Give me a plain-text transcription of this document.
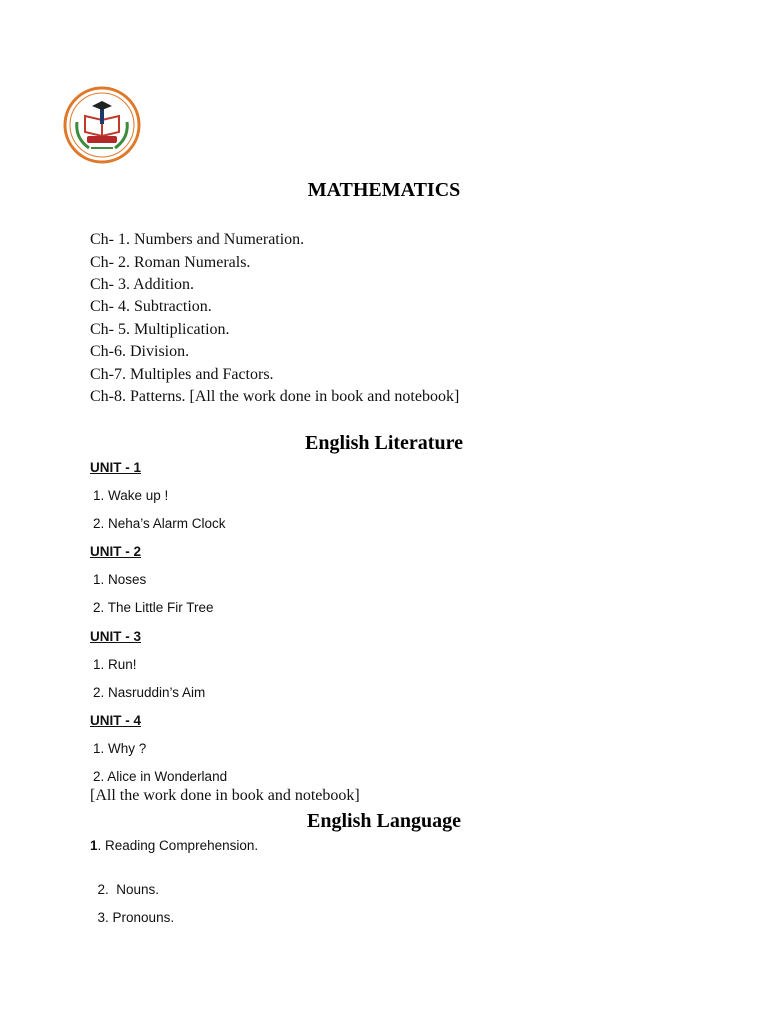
MATHEMATICS
Ch- 1. Numbers and Numeration.
Ch- 2. Roman Numerals.
Ch- 3. Addition.
Ch- 4. Subtraction.
Ch- 5. Multiplication.
Ch-6. Division.
Ch-7. Multiples and Factors.
Ch-8. Patterns. [All the work done in book and notebook]
English Literature
UNIT - 1
1. Wake up !
2. Neha’s Alarm Clock
UNIT - 2
1. Noses
2. The Little Fir Tree
UNIT - 3
1. Run!
2. Nasruddin’s Aim
UNIT - 4
1. Why ?
2. Alice in Wonderland
[All the work done in book and notebook]
English Language
1. Reading Comprehension.

2.  Nouns.

3. Pronouns.
